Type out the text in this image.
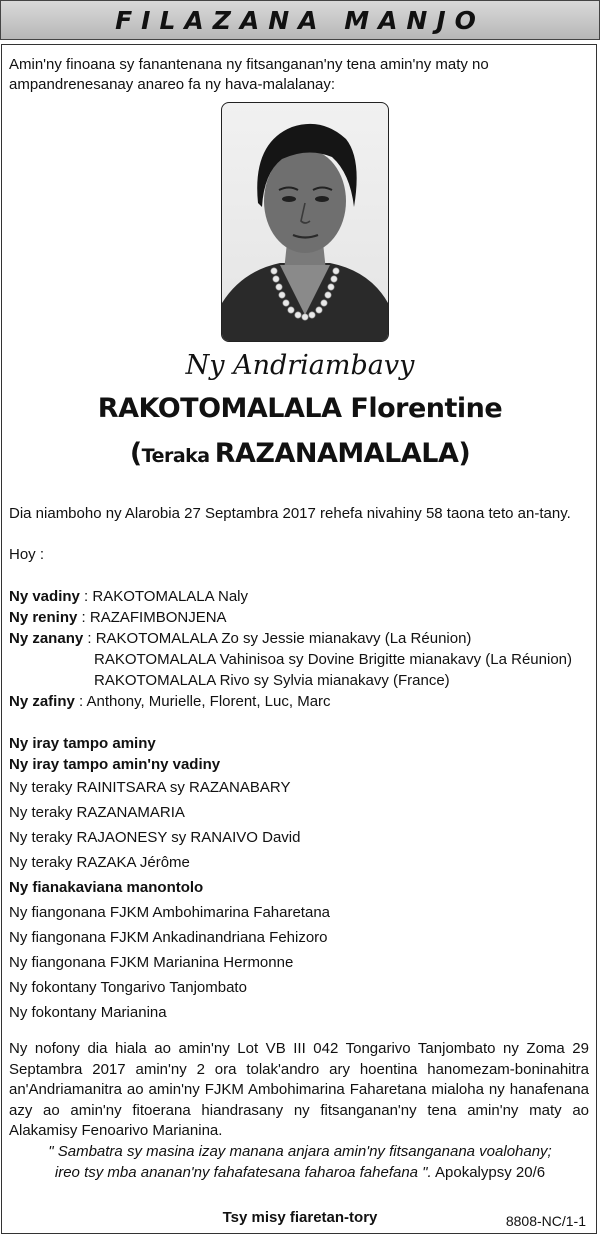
FILAZANA MANJO
Amin'ny finoana sy fanantenana ny fitsanganan'ny tena amin'ny maty no ampandrenesanay anareo fa ny hava-malalanay:
Ny Andriambavy
RAKOTOMALALA Florentine
(Teraka RAZANAMALALA)
Dia niamboho ny Alarobia 27 Septambra 2017 rehefa nivahiny 58 taona teto an-tany.
Hoy :
Ny vadiny : RAKOTOMALALA Naly
Ny reniny : RAZAFIMBONJENA
Ny zanany : RAKOTOMALALA Zo sy Jessie mianakavy (La Réunion)
RAKOTOMALALA Vahinisoa sy Dovine Brigitte mianakavy (La Réunion)
RAKOTOMALALA Rivo sy Sylvia mianakavy (France)
Ny zafiny : Anthony, Murielle, Florent, Luc, Marc
Ny iray tampo aminy
Ny iray tampo amin'ny vadiny
Ny teraky RAINITSARA sy RAZANABARY
Ny teraky RAZANAMARIA
Ny teraky RAJAONESY sy RANAIVO David
Ny teraky RAZAKA Jérôme
Ny fianakaviana manontolo
Ny fiangonana FJKM Ambohimarina Faharetana
Ny fiangonana FJKM Ankadinandriana Fehizoro
Ny fiangonana FJKM Marianina Hermonne
Ny fokontany Tongarivo Tanjombato
Ny fokontany Marianina
Ny nofony dia hiala ao amin'ny Lot VB III 042 Tongarivo Tanjombato ny Zoma 29 Septambra 2017 amin'ny 2 ora tolak'andro ary hoentina hanomezam-boninahitra an'Andriamanitra ao amin'ny FJKM Ambohimarina Faharetana mialoha ny hanafenana azy ao amin'ny fitoerana hiandrasany ny fitsanganan'ny tena amin'ny maty ao Alakamisy Fenoarivo Marianina.
" Sambatra sy masina izay manana anjara amin'ny fitsanganana voalohany;
ireo tsy mba ananan'ny fahafatesana faharoa fahefana ". Apokalypsy 20/6
Tsy misy fiaretan-tory	8808-NC/1-1
